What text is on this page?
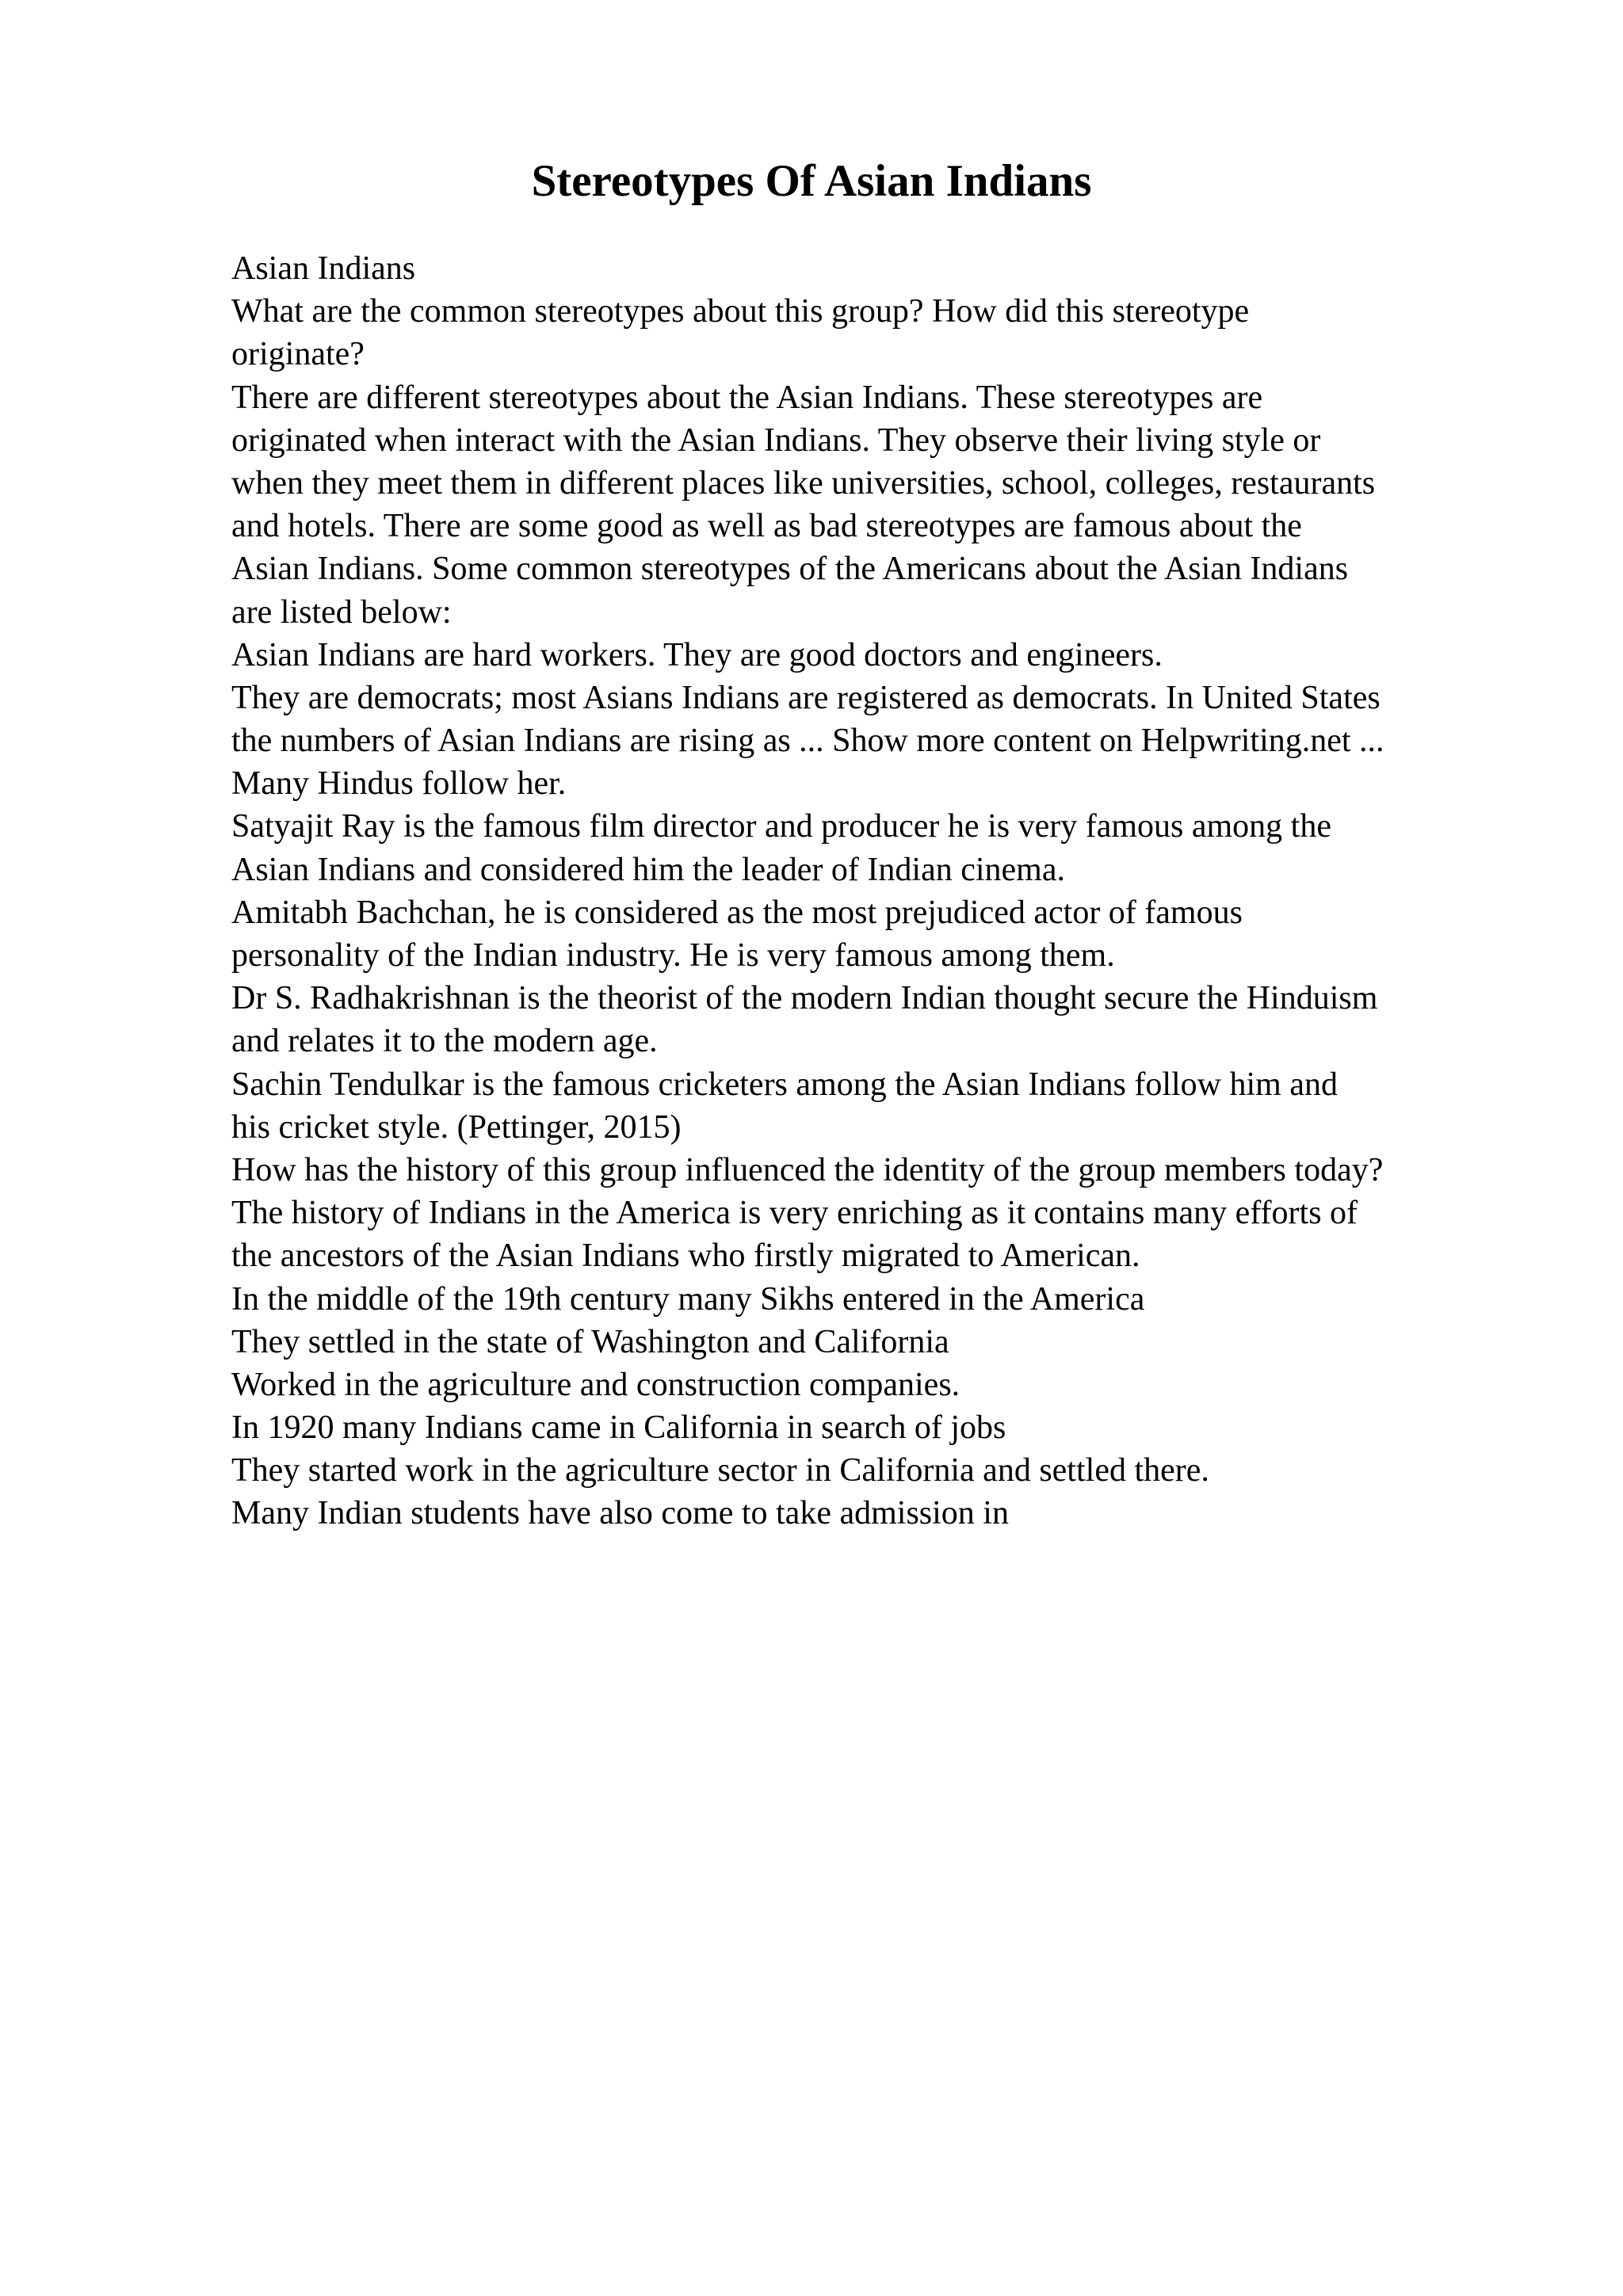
Stereotypes Of Asian Indians
Asian Indians
What are the common stereotypes about this group? How did this stereotype
originate?
There are different stereotypes about the Asian Indians. These stereotypes are
originated when interact with the Asian Indians. They observe their living style or
when they meet them in different places like universities, school, colleges, restaurants
and hotels. There are some good as well as bad stereotypes are famous about the
Asian Indians. Some common stereotypes of the Americans about the Asian Indians
are listed below:
Asian Indians are hard workers. They are good doctors and engineers.
They are democrats; most Asians Indians are registered as democrats. In United States
the numbers of Asian Indians are rising as ... Show more content on Helpwriting.net ...
Many Hindus follow her.
Satyajit Ray is the famous film director and producer he is very famous among the
Asian Indians and considered him the leader of Indian cinema.
Amitabh Bachchan, he is considered as the most prejudiced actor of famous
personality of the Indian industry. He is very famous among them.
Dr S. Radhakrishnan is the theorist of the modern Indian thought secure the Hinduism
and relates it to the modern age.
Sachin Tendulkar is the famous cricketers among the Asian Indians follow him and
his cricket style. (Pettinger, 2015)
How has the history of this group influenced the identity of the group members today?
The history of Indians in the America is very enriching as it contains many efforts of
the ancestors of the Asian Indians who firstly migrated to American.
In the middle of the 19th century many Sikhs entered in the America
They settled in the state of Washington and California
Worked in the agriculture and construction companies.
In 1920 many Indians came in California in search of jobs
They started work in the agriculture sector in California and settled there.
Many Indian students have also come to take admission in
